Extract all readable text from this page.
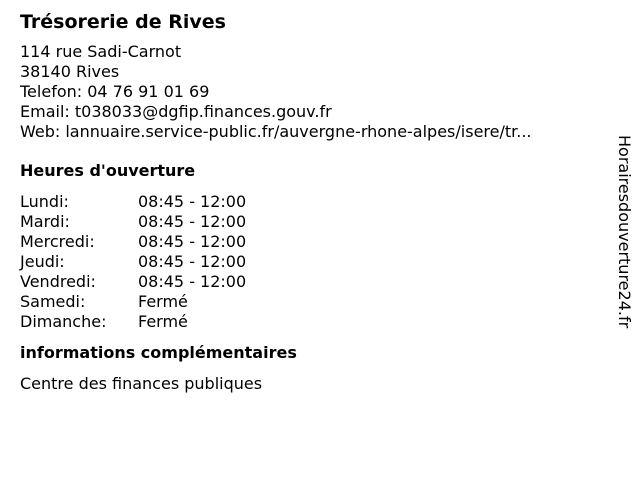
Trésorerie de Rives
114 rue Sadi-Carnot
38140 Rives
Telefon: 04 76 91 01 69
Email: t038033@dgfip.finances.gouv.fr
Web: lannuaire.service-public.fr/auvergne-rhone-alpes/isere/tr...
Heures d'ouverture
Lundi:	08:45 - 12:00
Mardi:	08:45 - 12:00
Mercredi:	08:45 - 12:00
Jeudi:	08:45 - 12:00
Vendredi:	08:45 - 12:00
Samedi:	Fermé
Dimanche:	Fermé
informations complémentaires
Centre des finances publiques
Horairesdouverture24.fr
